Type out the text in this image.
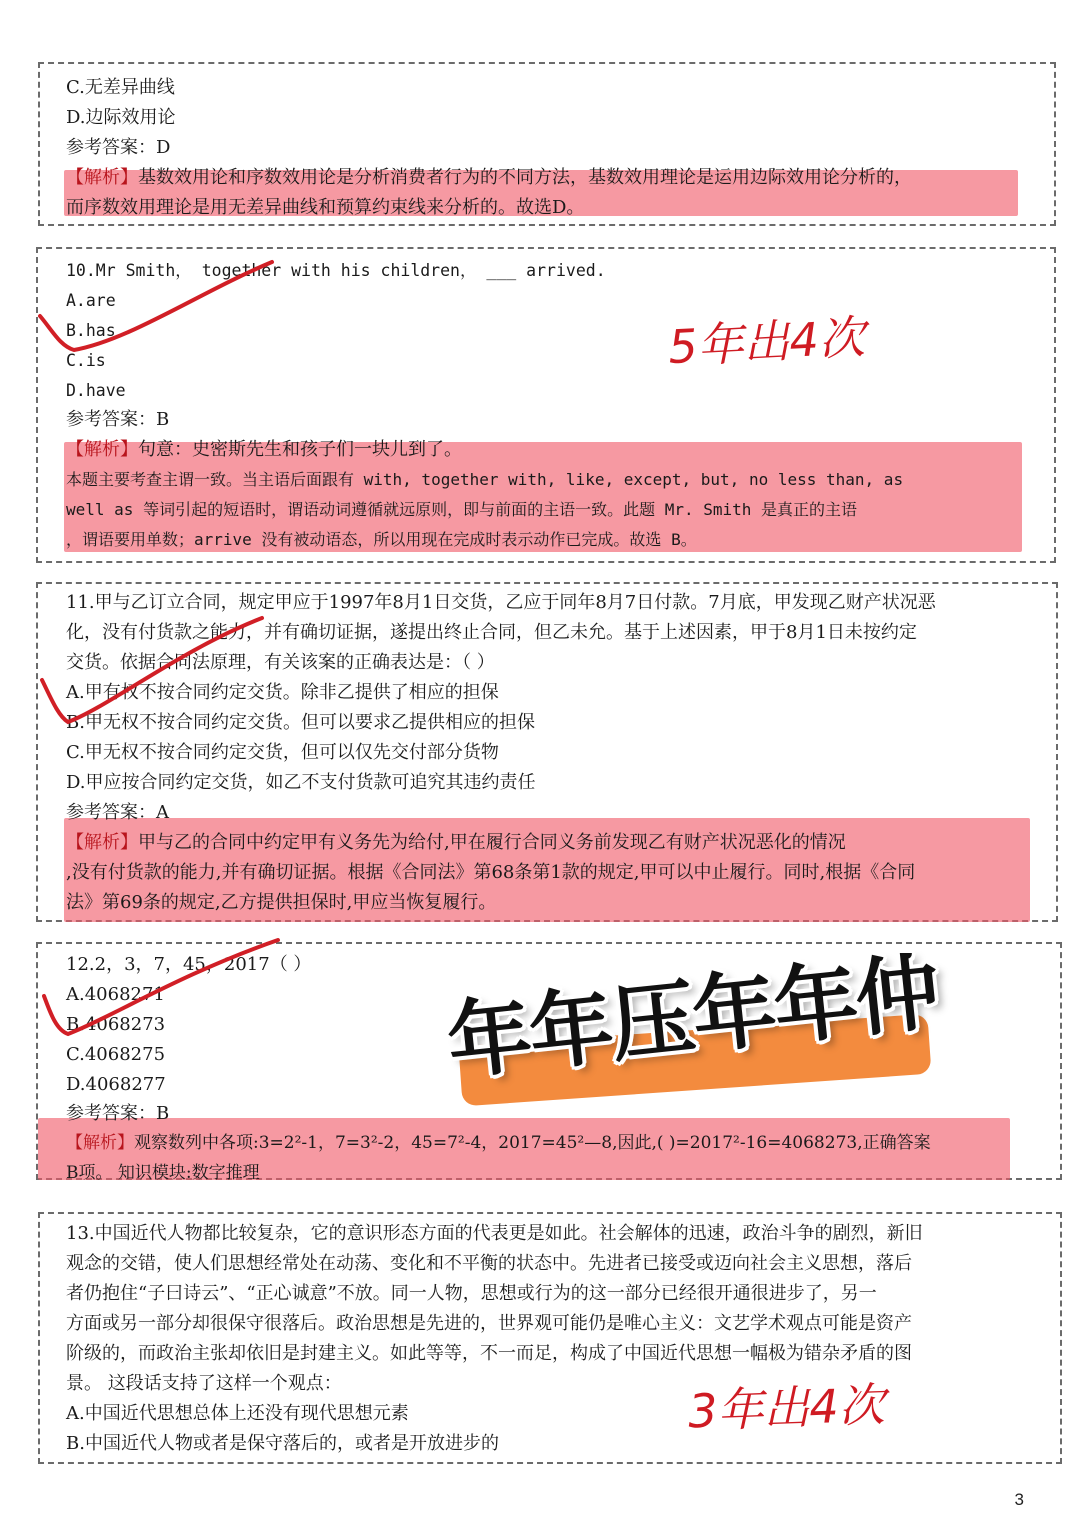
C.无差异曲线
D.边际效用论
参考答案：D
【解析】基数效用论和序数效用论是分析消费者行为的不同方法，基数效用理论是运用边际效用论分析的，
而序数效用理论是用无差异曲线和预算约束线来分析的。故选D。
10.Mr Smith， together with his children， ___ arrived.
A.are
B.has
C.is
D.have
参考答案：B
【解析】句意：史密斯先生和孩子们一块儿到了。
本题主要考查主谓一致。当主语后面跟有 with, together with, like, except, but, no less than, as
well as 等词引起的短语时，谓语动词遵循就远原则，即与前面的主语一致。此题 Mr. Smith 是真正的主语
，谓语要用单数；arrive 没有被动语态，所以用现在完成时表示动作已完成。故选 B。
5年出4次
11.甲与乙订立合同，规定甲应于1997年8月1日交货，乙应于同年8月7日付款。7月底，甲发现乙财产状况恶
化，没有付货款之能力，并有确切证据，遂提出终止合同，但乙未允。基于上述因素，甲于8月1日未按约定
交货。依据合同法原理，有关该案的正确表达是：（ ）
A.甲有权不按合同约定交货。除非乙提供了相应的担保
B.甲无权不按合同约定交货。但可以要求乙提供相应的担保
C.甲无权不按合同约定交货，但可以仅先交付部分货物
D.甲应按合同约定交货，如乙不支付货款可追究其违约责任
参考答案：A
【解析】甲与乙的合同中约定甲有义务先为给付,甲在履行合同义务前发现乙有财产状况恶化的情况
,没有付货款的能力,并有确切证据。根据《合同法》第68条第1款的规定,甲可以中止履行。同时,根据《合同
法》第69条的规定,乙方提供担保时,甲应当恢复履行。
12.2，3，7，45，2017（ ）
A.4068271
B.4068273
C.4068275
D.4068277
参考答案：B
【解析】观察数列中各项:3=2²-1，7=3²-2，45=7²-4，2017=45²—8,因此,( )=2017²-16=4068273,正确答案
B项。 知识模块:数字推理
年年压年年仲
13.中国近代人物都比较复杂，它的意识形态方面的代表更是如此。社会解体的迅速，政治斗争的剧烈，新旧
观念的交错，使人们思想经常处在动荡、变化和不平衡的状态中。先进者已接受或迈向社会主义思想，落后
者仍抱住“子曰诗云”、“正心诚意”不放。同一人物，思想或行为的这一部分已经很开通很进步了，另一
方面或另一部分却很保守很落后。政治思想是先进的，世界观可能仍是唯心主义：文艺学术观点可能是资产
阶级的，而政治主张却依旧是封建主义。如此等等，不一而足，构成了中国近代思想一幅极为错杂矛盾的图
景。 这段话支持了这样一个观点：
A.中国近代思想总体上还没有现代思想元素
B.中国近代人物或者是保守落后的，或者是开放进步的
3年出4次
3
